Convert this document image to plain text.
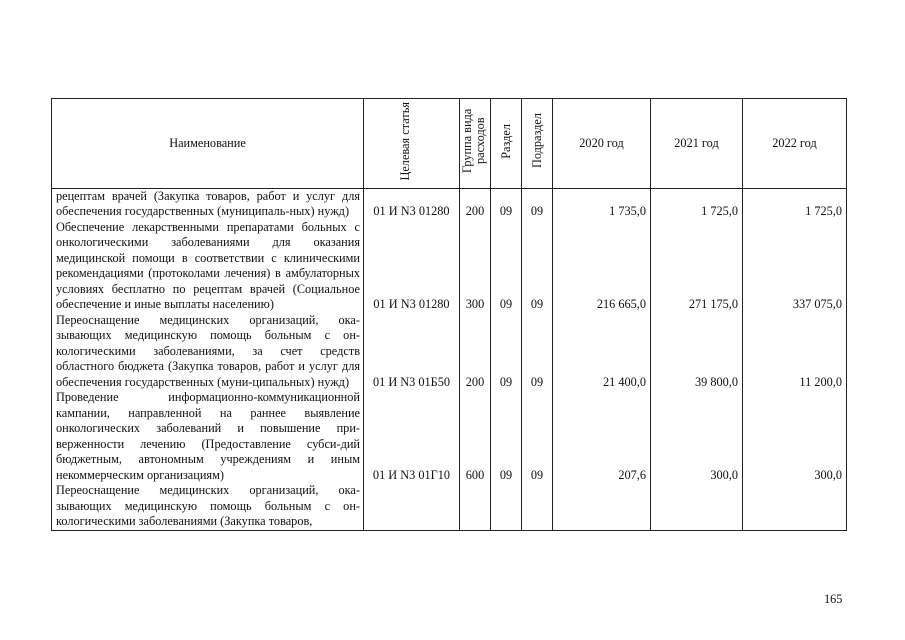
Наименование	Целевая статья	Группа вида расходов	Раздел	Подраздел	2020 год	2021 год	2022 год
рецептам врачей (Закупка товаров, работ и услуг для обеспечения государственных (муниципаль-ных) нужд)	01 И N3 01280	200	09	09	1 735,0	1 725,0	1 725,0
Обеспечение лекарственными препаратами больных с онкологическими заболеваниями для оказания медицинской помощи в соответствии с клиническими рекомендациями (протоколами лечения) в амбулаторных условиях бесплатно по рецептам врачей (Социальное обеспечение и иные выплаты населению)	01 И N3 01280	300	09	09	216 665,0	271 175,0	337 075,0
Переоснащение медицинских организаций, ока-зывающих медицинскую помощь больным с он-кологическими заболеваниями, за счет средств областного бюджета (Закупка товаров, работ и услуг для обеспечения государственных (муни-ципальных) нужд)	01 И N3 01Б50	200	09	09	21 400,0	39 800,0	11 200,0
Проведение информационно-коммуникационной кампании, направленной на раннее выявление онкологических заболеваний и повышение при-верженности лечению (Предоставление субси-дий бюджетным, автономным учреждениям и иным некоммерческим организациям)	01 И N3 01Г10	600	09	09	207,6	300,0	300,0
Переоснащение медицинских организаций, ока-зывающих медицинскую помощь больным с он-кологическими заболеваниями (Закупка товаров,							
165
